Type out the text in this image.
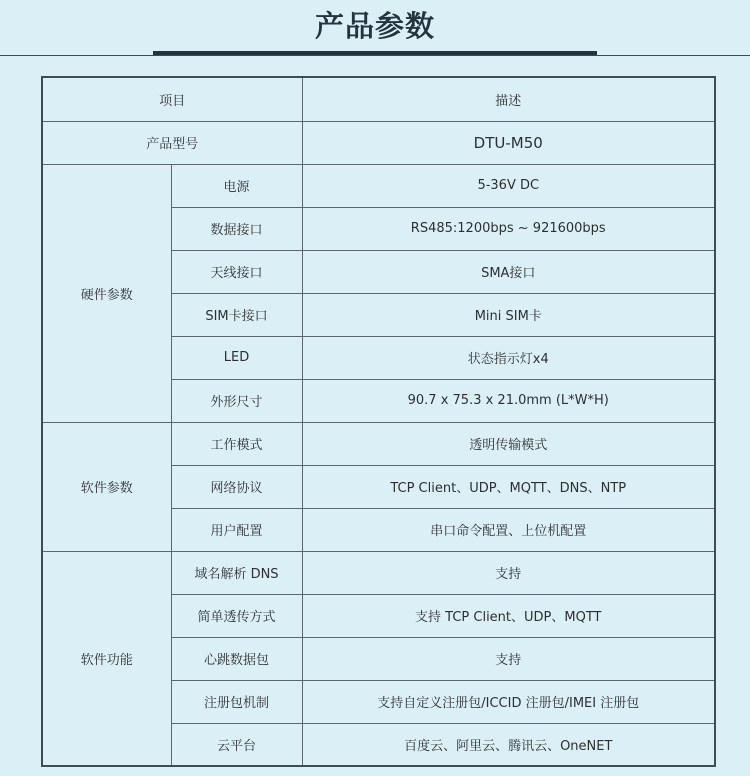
产品参数
项目		描述
产品型号		DTU-M50
硬件参数	电源	5-36V DC
	数据接口	RS485:1200bps ~ 921600bps
	天线接口	SMA接口
	SIM卡接口	Mini SIM卡
	LED	状态指示灯x4
	外形尺寸	90.7 x 75.3 x 21.0mm (L*W*H)
软件参数	工作模式	透明传输模式
	网络协议	TCP Client、UDP、MQTT、DNS、NTP
	用户配置	串口命令配置、上位机配置
软件功能	域名解析 DNS	支持
	简单透传方式	支持 TCP Client、UDP、MQTT
	心跳数据包	支持
	注册包机制	支持自定义注册包/ICCID 注册包/IMEI 注册包
	云平台	百度云、阿里云、腾讯云、OneNET
